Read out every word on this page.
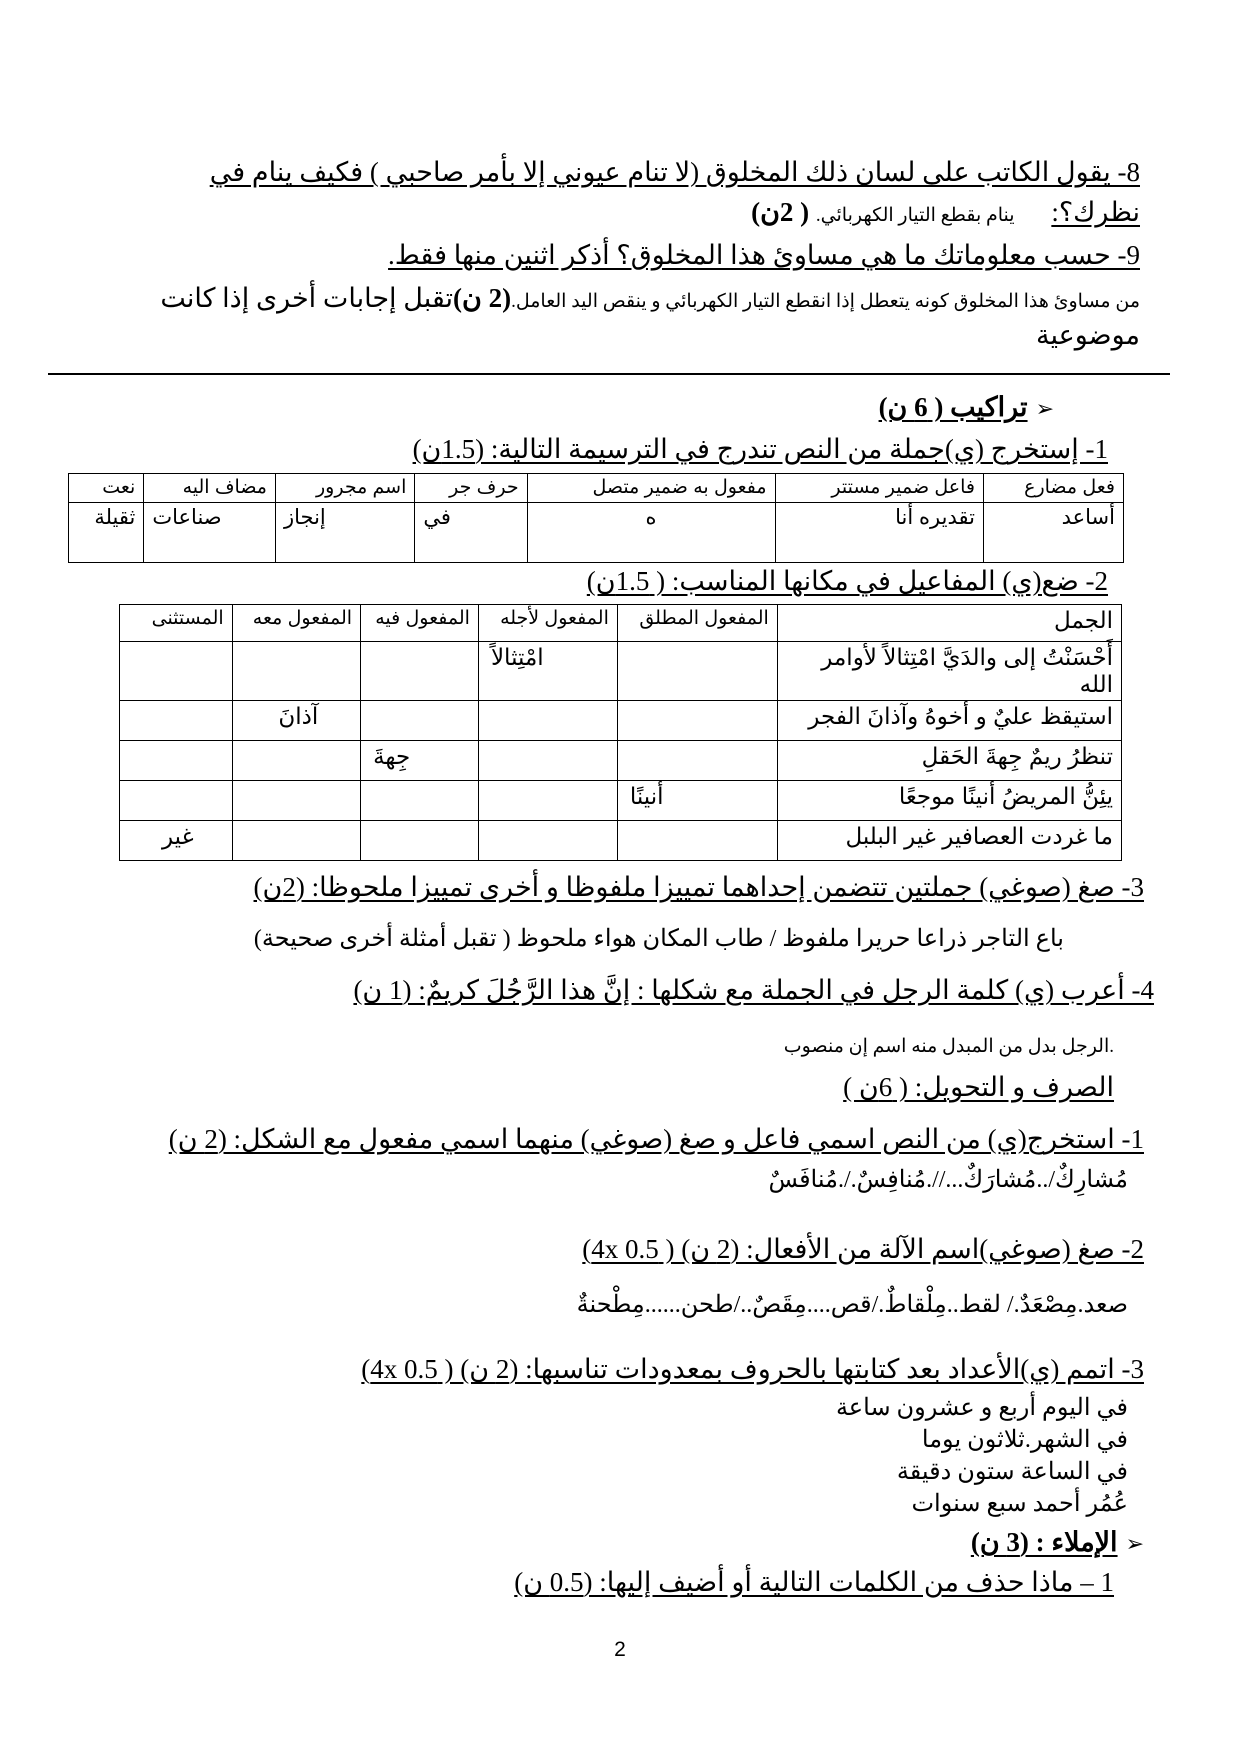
8- يقول الكاتب على لسان ذلك المخلوق (لا تنام عيوني إلا بأمر صاحبي ) فكيف ينام في
نظرك؟: ينام بقطع التيار الكهربائي. ( 2ن)
9- حسب معلوماتك ما هي مساوئ هذا المخلوق؟ أذكر اثنين منها فقط.
من مساوئ هذا المخلوق كونه يتعطل إذا انقطع التيار الكهربائي و ينقص اليد العامل.(2 ن)تقبل إجابات أخرى إذا كانت
موضوعية
➢تراكيب ( 6 ن)
1- إستخرج (ي)جملة من النص تندرج في الترسيمة التالية: (1.5ن)
فعل مضارع	فاعل ضمير مستتر	مفعول به ضمير متصل	حرف جر	اسم مجرور	مضاف اليه	نعت
أساعد	تقديره أنا	ه	في	إنجاز	صناعات	ثقيلة
2- ضع(ي) المفاعيل في مكانها المناسب: ( 1.5ن)
الجمل	المفعول المطلق	المفعول لأجله	المفعول فيه	المفعول معه	المستثنى
أَحْسَنْتُ إلى والدَيَّ امْتِثالاً لأوامر الله		امْتِثالاً			
استيقظ عليٌ و أخوهُ وآذانَ الفجر				آذانَ	
تنظرُ ريمٌ جِهةَ الحَقلِ			جِهةَ		
يئِنُّ المريضُ أنينًا موجعًا	أنينًا				
ما غردت العصافير غير البلبل					غير
3- صغ (صوغي) جملتين تتضمن إحداهما تمييزا ملفوظا و أخرى تمييزا ملحوظا: (2ن)
باع التاجر ذراعا حريرا ملفوظ / طاب المكان هواء ملحوظ ( تقبل أمثلة أخرى صحيحة)
4- أعرب (ي) كلمة الرجل في الجملة مع شكلها : إنَّ هذا الرَّجُلَ كريمٌ: (1 ن)
.الرجل بدل من المبدل منه اسم إن منصوب
الصرف و التحويل: ( 6ن )
1- استخرج(ي) من النص اسمي فاعل و صغ (صوغي) منهما اسمي مفعول مع الشكل: (2 ن)
مُشارِكٌ/..مُشارَكٌ...//.مُنافِسٌ./.مُنافَسٌ
2- صغ (صوغي)اسم الآلة من الأفعال: (2 ن) ( 4x 0.5)
صعد.مِصْعَدٌ./ لقط..مِلْقاطٌ./قص....مِقَصٌ../طحن......مِطْحنةٌ
3- اتمم (ي)الأعداد بعد كتابتها بالحروف بمعدودات تناسبها: (2 ن) ( 4x 0.5)
في اليوم أربع و عشرون ساعة
في الشهر.ثلاثون يوما
في الساعة ستون دقيقة
عُمُر أحمد سبع سنوات
➢الإملاء : (3 ن)
1 – ماذا حذف من الكلمات التالية أو أضيف إليها: (0.5 ن)
2
